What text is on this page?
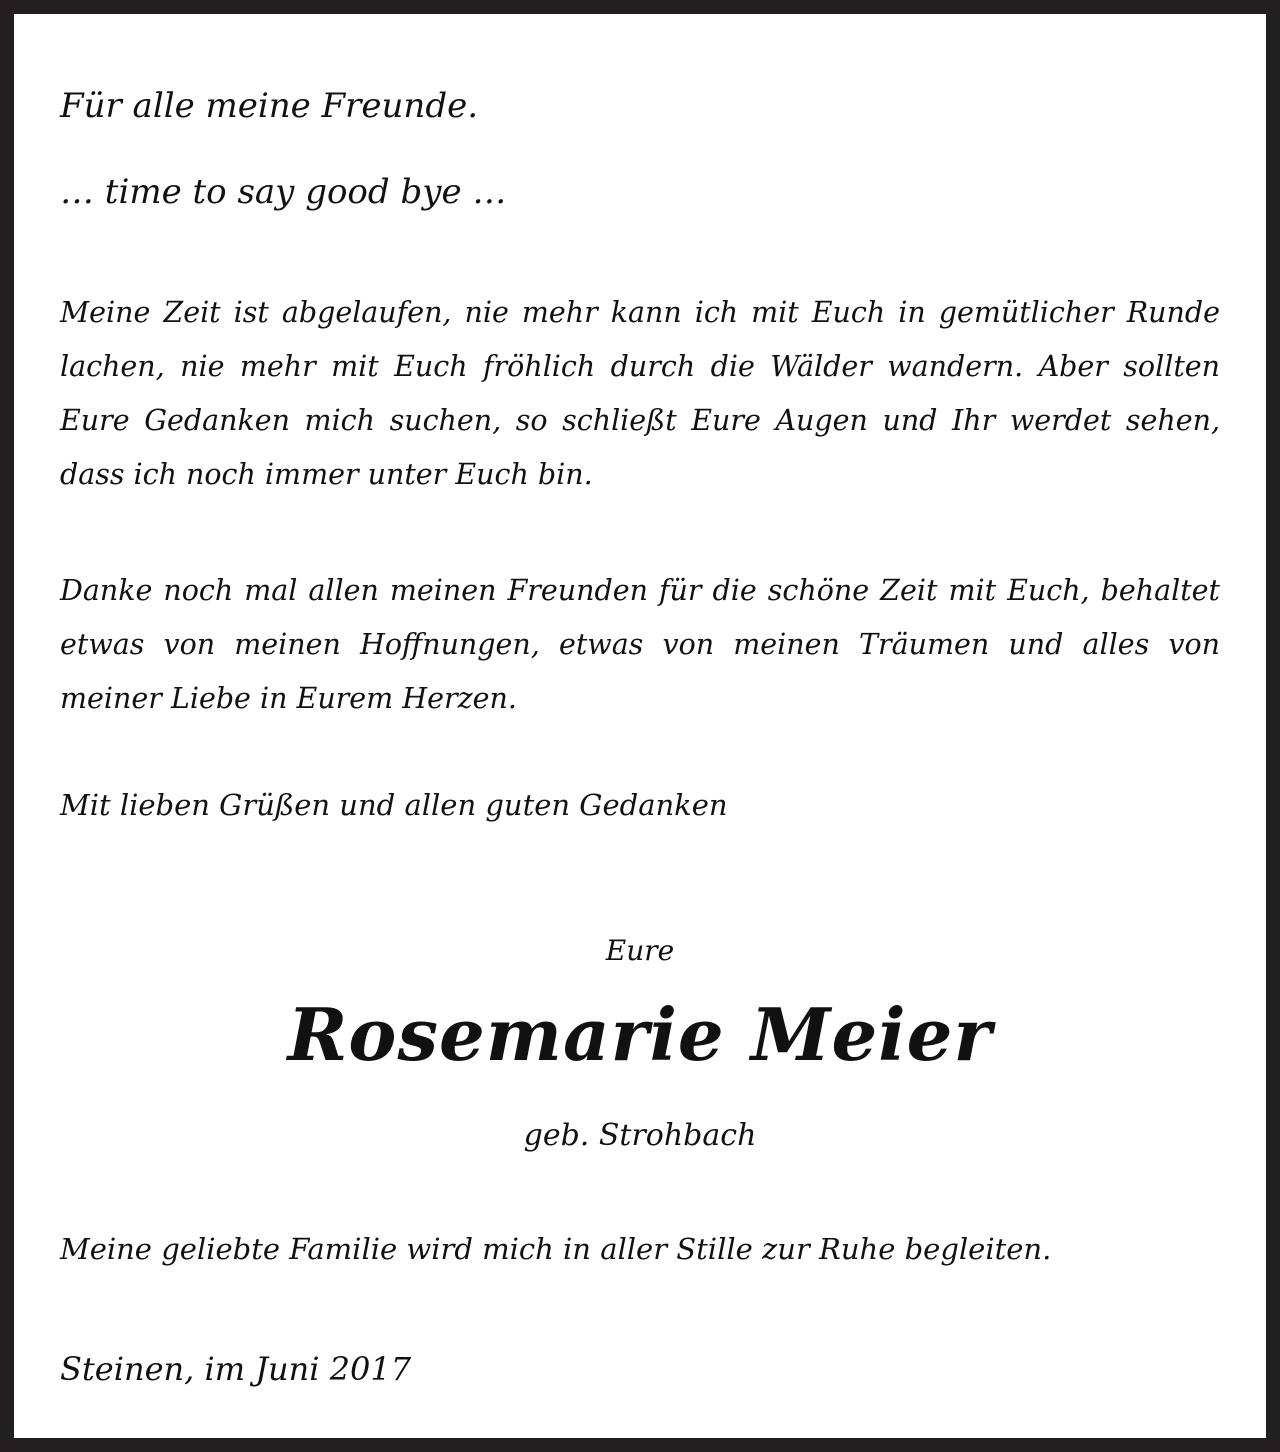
Für alle meine Freunde.

… time to say good bye …

Meine Zeit ist abgelaufen, nie mehr kann ich mit Euch in gemütlicher Runde lachen, nie mehr mit Euch fröhlich durch die Wälder wandern. Aber sollten Eure Gedanken mich suchen, so schließt Eure Augen und Ihr werdet sehen, dass ich noch immer unter Euch bin.

Danke noch mal allen meinen Freunden für die schöne Zeit mit Euch, behaltet etwas von meinen Hoffnungen, etwas von meinen Träumen und alles von meiner Liebe in Eurem Herzen.

Mit lieben Grüßen und allen guten Gedanken

Eure

Rosemarie Meier

geb. Strohbach

Meine geliebte Familie wird mich in aller Stille zur Ruhe begleiten.

Steinen, im Juni 2017
